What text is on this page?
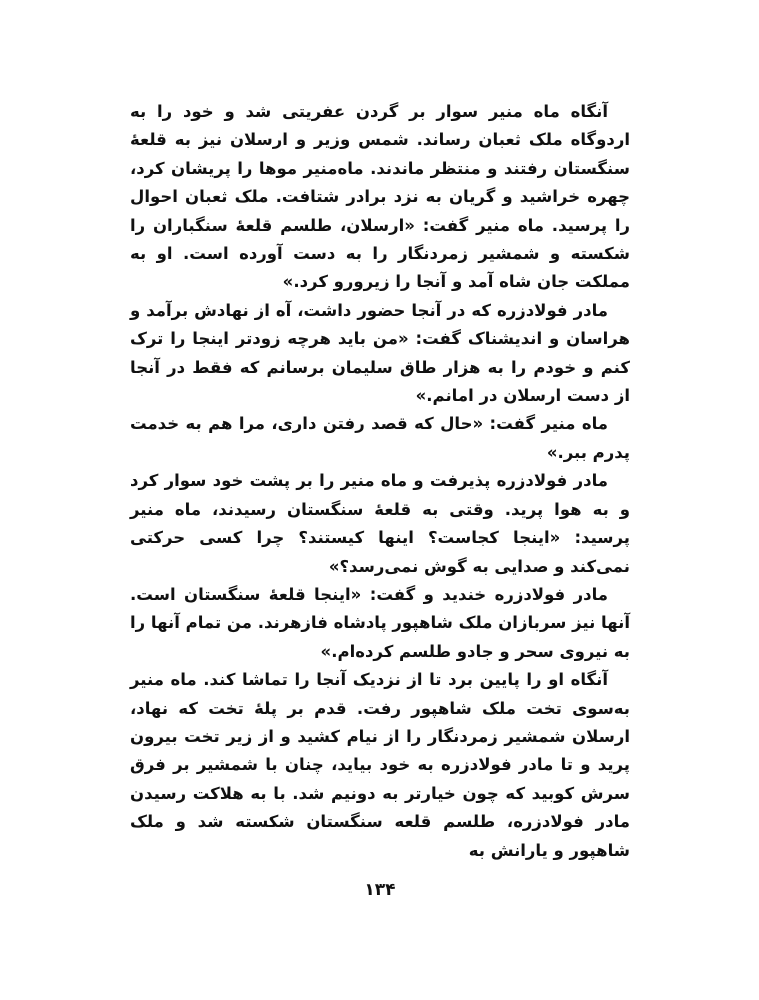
آنگاه ماه منیر سوار بر گردن عفریتی شد و خود را به اردوگاه ملک ثعبان رساند. شمس وزیر و ارسلان نیز به قلعهٔ سنگستان رفتند و منتظر ماندند. ماه‌منیر موها را پریشان کرد، چهره خراشید و گریان به نزد برادر شتافت. ملک ثعبان احوال را پرسید. ماه منیر گفت: «ارسلان، طلسم قلعهٔ سنگباران را شکسته و شمشیر زمردنگار را به دست آورده است. او به مملکت جان شاه آمد و آنجا را زیرورو کرد.»

مادر فولادزره که در آنجا حضور داشت، آه از نهادش برآمد و هراسان و اندیشناک گفت: «من باید هرچه زودتر اینجا را ترک کنم و خودم را به هزار طاق سلیمان برسانم که فقط در آنجا از دست ارسلان در امانم.»

ماه منیر گفت: «حال که قصد رفتن داری، مرا هم به خدمت پدرم ببر.»

مادر فولادزره پذیرفت و ماه منیر را بر پشت خود سوار کرد و به هوا پرید. وقتی به قلعهٔ سنگستان رسیدند، ماه منیر پرسید: «اینجا کجاست؟ اینها کیستند؟ چرا کسی حرکتی نمی‌کند و صدایی به گوش نمی‌رسد؟»

مادر فولادزره خندید و گفت: «اینجا قلعهٔ سنگستان است. آنها نیز سربازان ملک شاهپور پادشاه فازهرند. من تمام آنها را به نیروی سحر و جادو طلسم کرده‌ام.»

آنگاه او را پایین برد تا از نزدیک آنجا را تماشا کند. ماه منیر به‌سوی تخت ملک شاهپور رفت. قدم بر پلهٔ تخت که نهاد، ارسلان شمشیر زمردنگار را از نیام کشید و از زیر تخت بیرون پرید و تا مادر فولادزره به خود بیاید، چنان با شمشیر بر فرق سرش کوبید که چون خیارتر به دونیم شد. با به هلاکت رسیدن مادر فولادزره، طلسم قلعه سنگستان شکسته شد و ملک شاهپور و یارانش به

۱۳۴
